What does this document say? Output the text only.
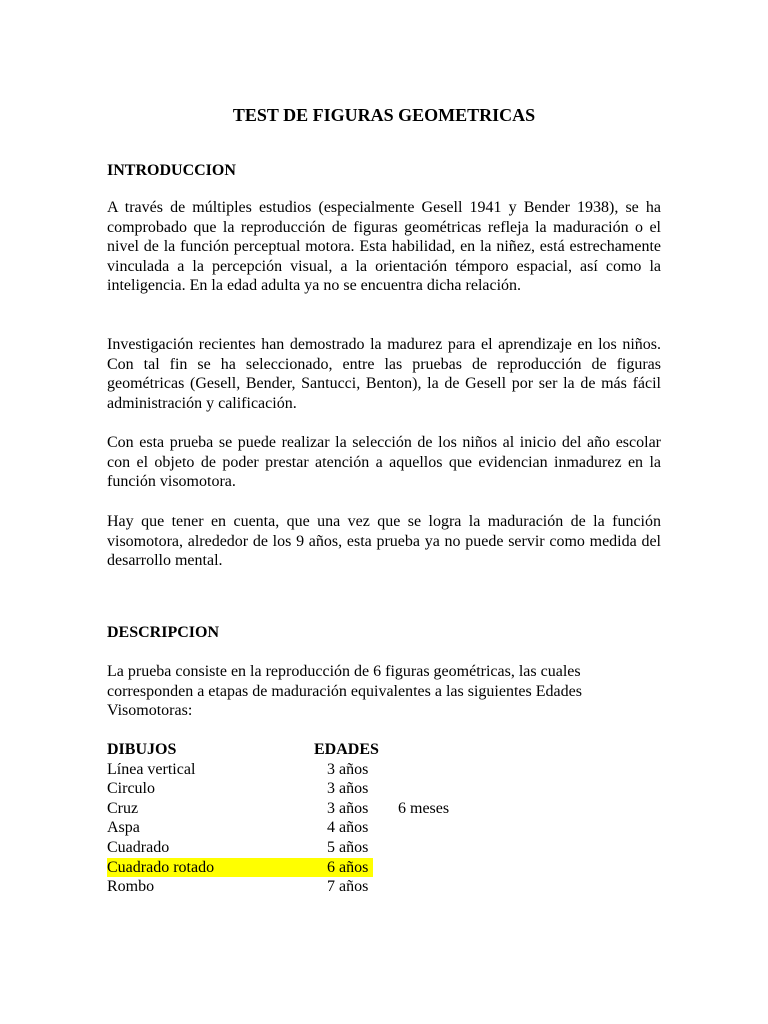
TEST DE FIGURAS GEOMETRICAS
INTRODUCCION
A través de múltiples estudios (especialmente Gesell 1941 y Bender 1938), se ha comprobado que la reproducción de figuras geométricas refleja la maduración o el nivel de la función perceptual motora. Esta habilidad, en la niñez, está estrechamente vinculada a la percepción visual, a la orientación témporo espacial, así como la inteligencia. En la edad adulta ya no se encuentra dicha relación.
Investigación recientes han demostrado la madurez para el aprendizaje en los niños. Con tal fin se ha seleccionado, entre las pruebas de reproducción de figuras geométricas (Gesell, Bender, Santucci, Benton), la de Gesell por ser la de más fácil administración y calificación.
Con esta prueba se puede realizar la selección de los niños al inicio del año escolar con el objeto de poder prestar atención a aquellos que evidencian inmadurez en la función visomotora.
Hay que tener en cuenta, que una vez que se logra la maduración de la función visomotora, alrededor de los 9 años, esta prueba ya no puede servir como medida del desarrollo mental.
DESCRIPCION
La prueba consiste en la reproducción de 6 figuras geométricas, las cuales corresponden a etapas de maduración equivalentes a las siguientes Edades Visomotoras:
DIBUJOS	EDADES
Línea vertical	3 años
Circulo	3 años
Cruz	3 años 6 meses
Aspa	4 años
Cuadrado	5 años
Cuadrado rotado	6 años
Rombo	7 años
